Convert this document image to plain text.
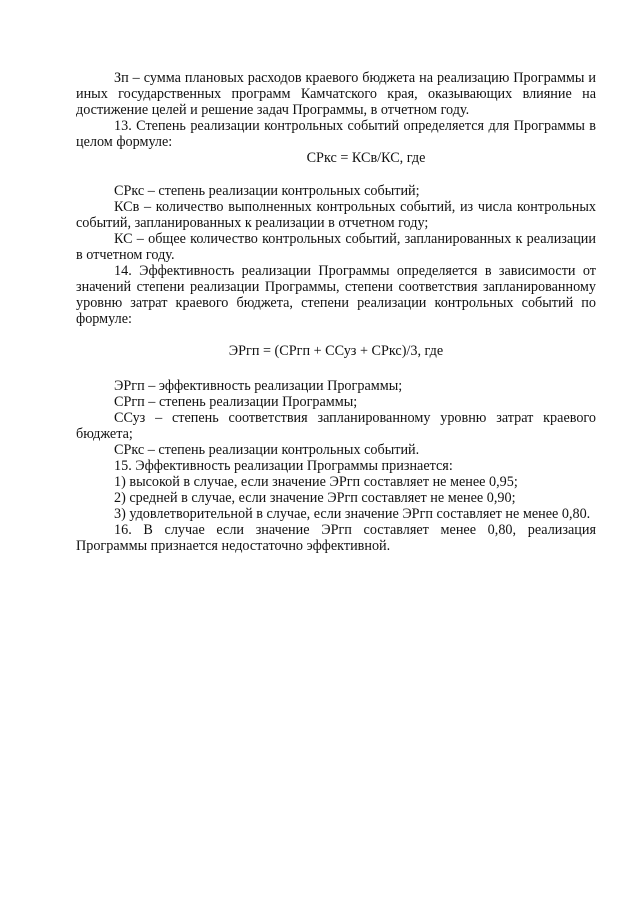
Зп – сумма плановых расходов краевого бюджета на реализацию Программы и иных государственных программ Камчатского края, оказывающих влияние на достижение целей и решение задач Программы, в отчетном году.

13. Степень реализации контрольных событий определяется для Программы в целом формуле:

СРкс = КСв/КС, где

СРкс – степень реализации контрольных событий;

КСв – количество выполненных контрольных событий, из числа контрольных событий, запланированных к реализации в отчетном году;

КС – общее количество контрольных событий, запланированных к реализации в отчетном году.

14. Эффективность реализации Программы определяется в зависимости от значений степени реализации Программы, степени соответствия запланированному уровню затрат краевого бюджета, степени реализации контрольных событий по формуле:

ЭРгп = (СРгп + ССуз + СРкс)/3, где

ЭРгп – эффективность реализации Программы;

СРгп – степень реализации Программы;

ССуз – степень соответствия запланированному уровню затрат краевого бюджета;

СРкс – степень реализации контрольных событий.

15. Эффективность реализации Программы признается:

1) высокой в случае, если значение ЭРгп составляет не менее 0,95;

2) средней в случае, если значение ЭРгп составляет не менее 0,90;

3) удовлетворительной в случае, если значение ЭРгп составляет не менее 0,80.

16. В случае если значение ЭРгп составляет менее 0,80, реализация Программы признается недостаточно эффективной.
